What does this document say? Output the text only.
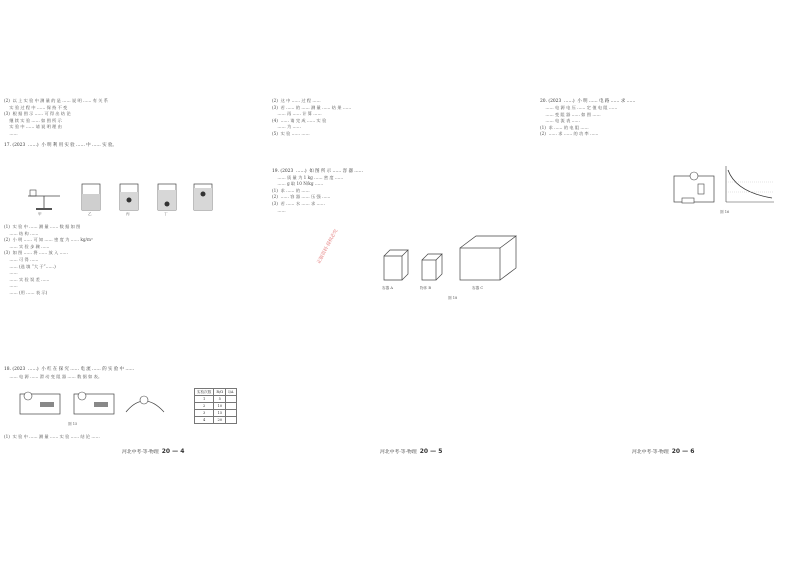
(2)  以 上 实 验 中 测 量 的 是 …… 说 明 …… 有 关 系
实 验 过 程 中 …… 保 持 不 变
(3)  根 据 图 示 …… 可 得 出 结 论
继 续 实 验 …… 如 图 所 示
实 验 中 …… 请 说 明 理 由
……
17. (2023  ……)  小 明 利 用 实 验 …… 中 …… 实 验。
甲	乙	丙	丁
(1)  实 验 中 …… 测 量 …… 数 据 如 图
…… 结 构 ……
(2)  小 明 …… 可 知 …… 密 度 为 …… kg/m³
…… 实 验 步 骤 ……
(3)  如 图 …… 将 …… 放 入 ……
…… 可 得 ……
…… (选 填 “大 于”……)
……
…… 实 验 误 差 ……
……
…… (用 …… 表 示)
18. (2023  ……)  小 红 在 探 究 …… 电 流 …… 的 实 验 中 ……
…… 电 源 …… 滑 动 变 阻 器 …… 数 据 如 表。
图 15
实验次数	R/Ω	I/A
1	5	
2	10	
3	15	
4	20	
(1)  实 验 中 …… 测 量 …… 实 验 …… 结 论 ……
河北中考·等·物理 20 — 4
(2)  这 中 …… 过 程 ……
(3)  若 …… 的 …… 测 量 …… 结 果 ……
…… 再 …… 计 算 ……
(4)  …… 请 完 成 …… 实 验
…… 为 ……
(5)  实 验 …… ……
19. (2023  ……)  如 图 所 示 …… 容 器 ……
…… 质 量 为 1 kg …… 密 度 ……
…… g 取 10 N/kg ……
(1)  求 …… 的 ……
(2)  …… 容 器 …… 压 强 ……
(3)  若 …… 水 …… 求 ……
……
容器 A	物体 B	容器 C
图 18
正版资料·侵权必究
河北中考·等·物理 20 — 5
20. (2023  ……)  小 明 …… 电 路 …… 求 ……
…… 电 源 电 压 …… 定 值 电 阻 ……
…… 变 阻 器 …… 如 图 ……
…… 电 流 表 ……
(1)  求 …… 的 电 阻 ……
(2)  …… 求 …… 的 功 率 ……
图 16
河北中考·等·物理 20 — 6
